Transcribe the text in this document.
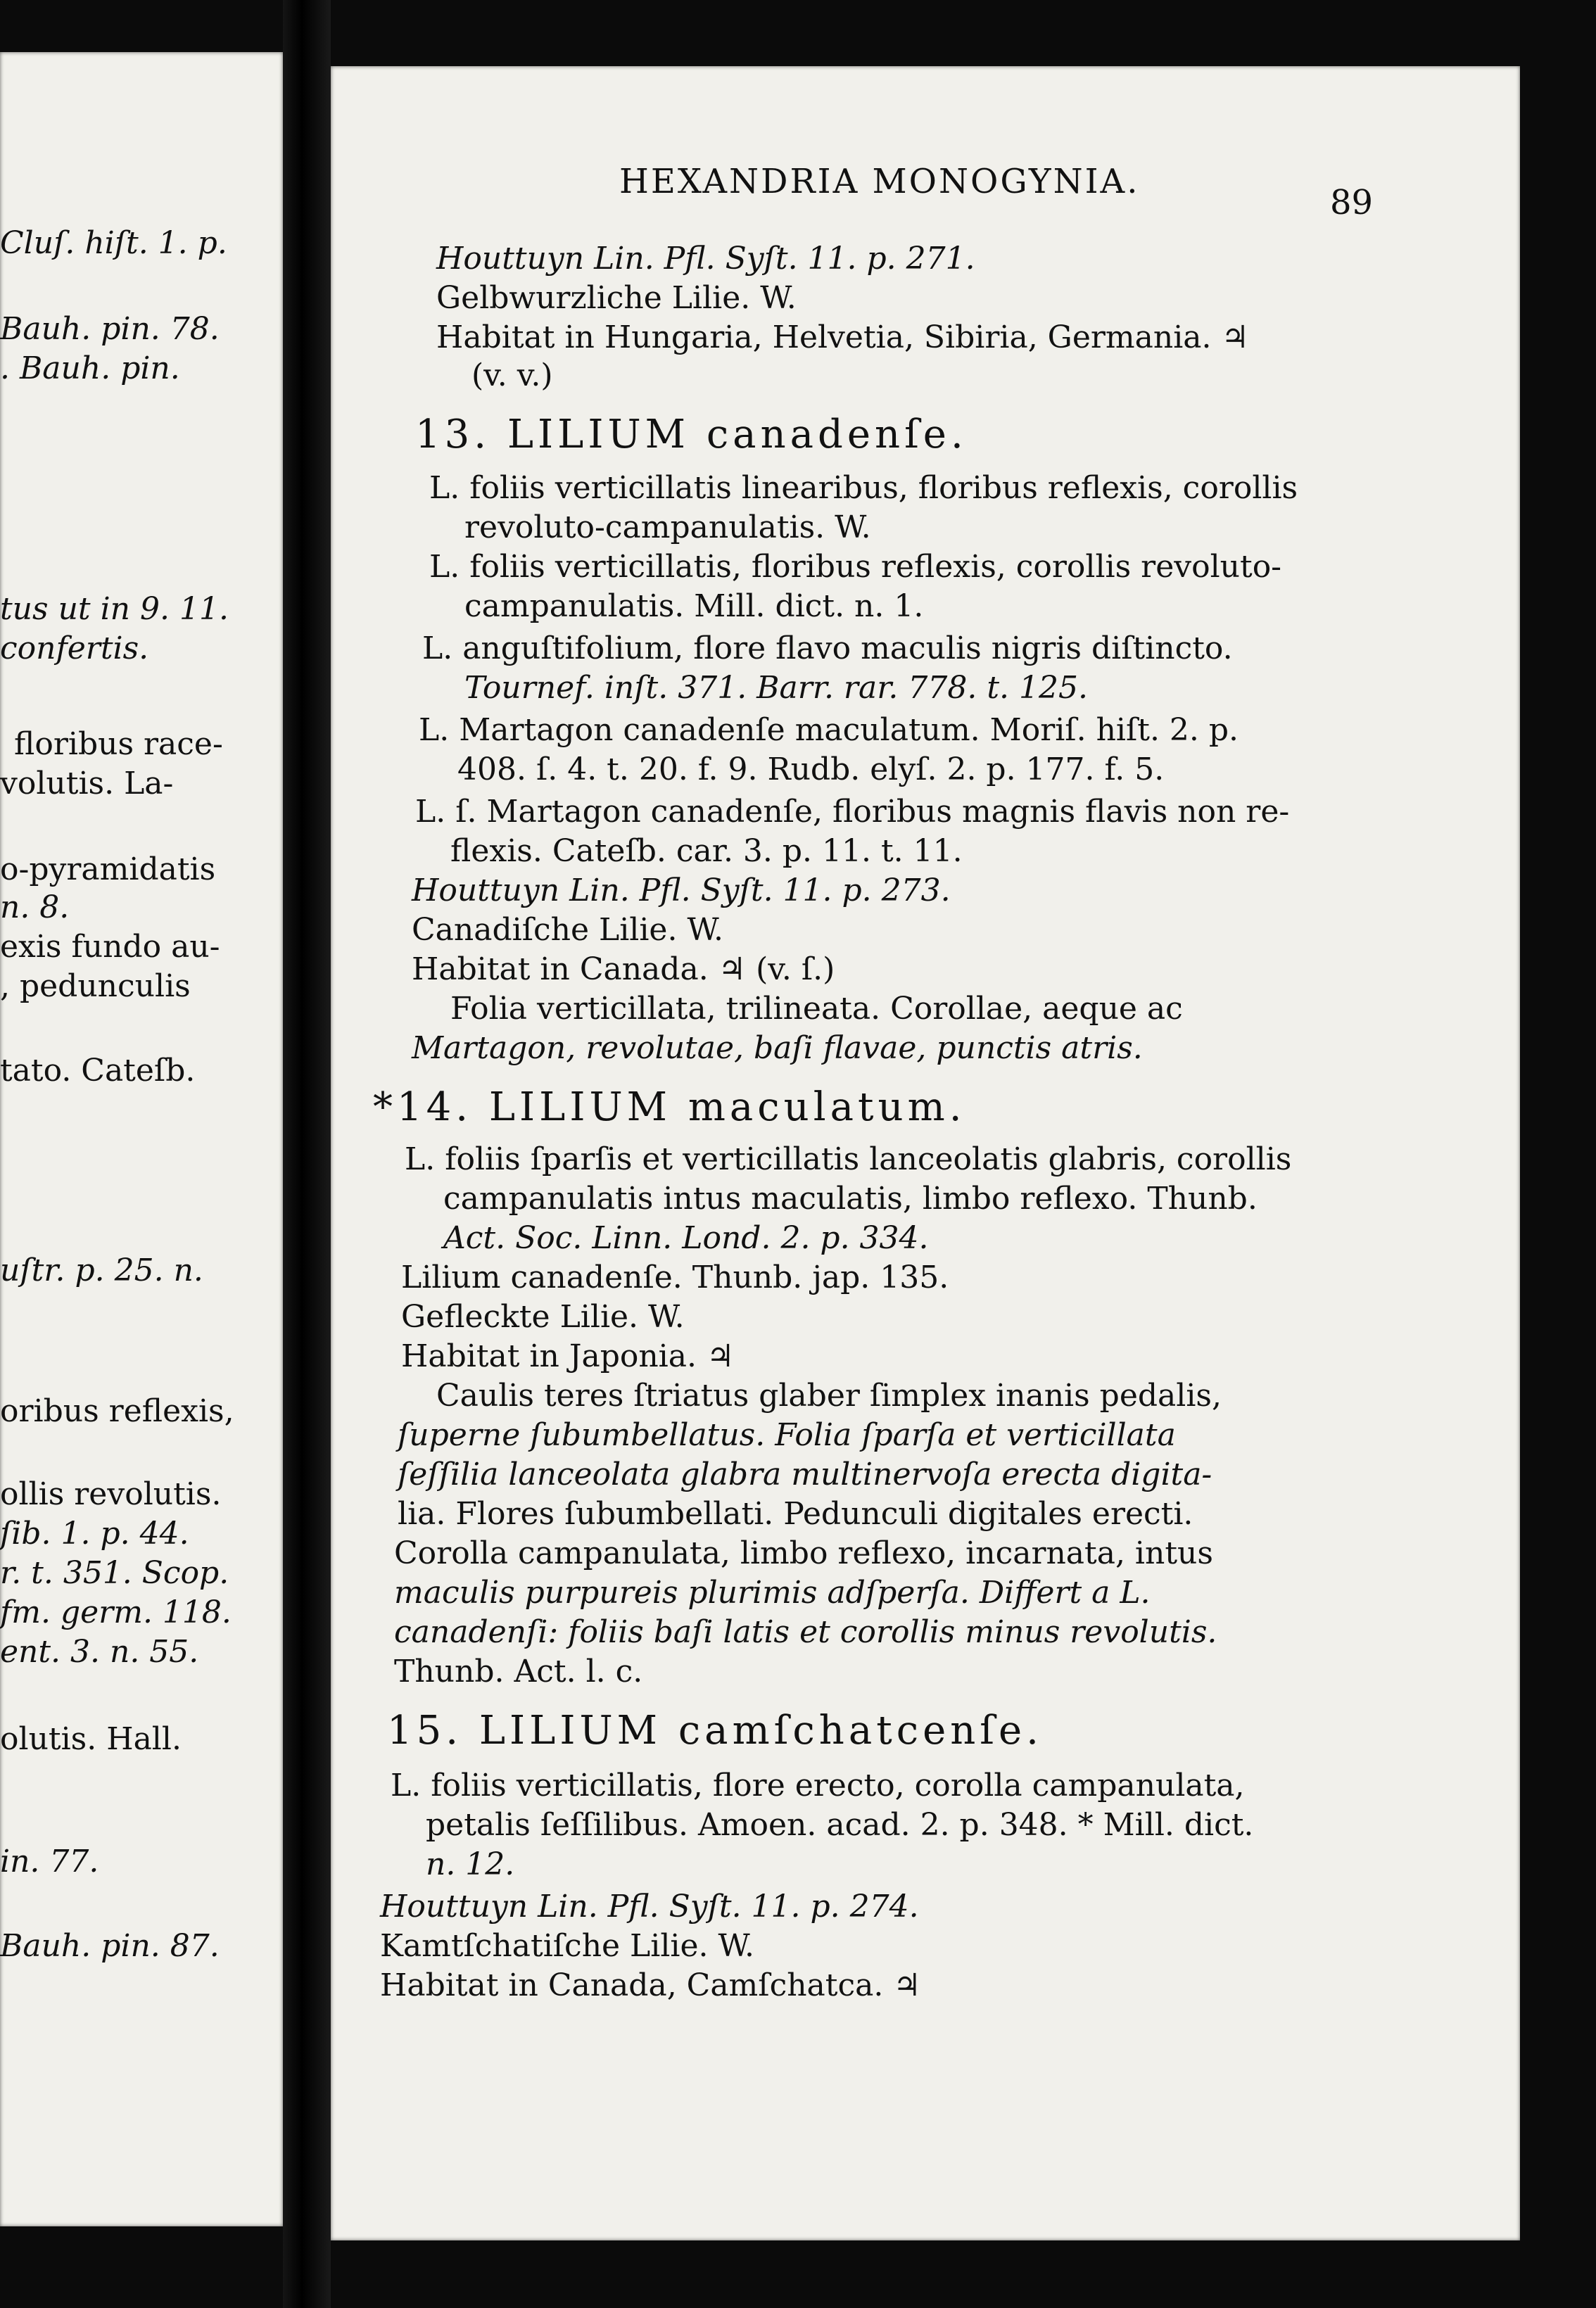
Cluſ. hiſt. 1. p.
Bauh. pin. 78.
. Bauh. pin.
tus ut in 9. 11.
confertis.
floribus race-
volutis. La-
o-pyramidatis
n. 8.
exis fundo au-
, pedunculis
tato. Cateſb.
uſtr. p. 25. n.
oribus reflexis,
ollis revolutis.
ſib. 1. p. 44.
r. t. 351. Scop.
fm. germ. 118.
ent. 3. n. 55.
olutis. Hall.
in. 77.
Bauh. pin. 87.
HEXANDRIA MONOGYNIA.
89
Houttuyn Lin. Pfl. Syſt. 11. p. 271.
Gelbwurzliche Lilie. W.
Habitat in Hungaria, Helvetia, Sibiria, Germania. ♃
(v. v.)
13. LILIUM canadenſe.
L. foliis verticillatis linearibus, floribus reflexis, corollis
revoluto-campanulatis. W.
L. foliis verticillatis, floribus reflexis, corollis revoluto-
campanulatis. Mill. dict. n. 1.
L. anguſtifolium, flore flavo maculis nigris diſtincto.
Tournef. inſt. 371. Barr. rar. 778. t. 125.
L. Martagon canadenſe maculatum. Moriſ. hiſt. 2. p.
408. ſ. 4. t. 20. f. 9. Rudb. elyſ. 2. p. 177. f. 5.
L. ſ. Martagon canadenſe, floribus magnis flavis non re-
flexis. Cateſb. car. 3. p. 11. t. 11.
Houttuyn Lin. Pfl. Syſt. 11. p. 273.
Canadiſche Lilie. W.
Habitat in Canada. ♃ (v. ſ.)
Folia verticillata, trilineata. Corollae, aeque ac
Martagon, revolutae, baſi flavae, punctis atris.
*14. LILIUM maculatum.
L. foliis ſparſis et verticillatis lanceolatis glabris, corollis
campanulatis intus maculatis, limbo reflexo. Thunb.
Act. Soc. Linn. Lond. 2. p. 334.
Lilium canadenſe. Thunb. jap. 135.
Gefleckte Lilie. W.
Habitat in Japonia. ♃
Caulis teres ſtriatus glaber ſimplex inanis pedalis,
ſuperne ſubumbellatus. Folia ſparſa et verticillata
ſeſſilia lanceolata glabra multinervoſa erecta digita-
lia. Flores ſubumbellati. Pedunculi digitales erecti.
Corolla campanulata, limbo reflexo, incarnata, intus
maculis purpureis plurimis adſperſa. Differt a L.
canadenſi: foliis baſi latis et corollis minus revolutis.
Thunb. Act. l. c.
15. LILIUM camſchatcenſe.
L. foliis verticillatis, flore erecto, corolla campanulata,
petalis ſeſſilibus. Amoen. acad. 2. p. 348. * Mill. dict.
n. 12.
Houttuyn Lin. Pfl. Syſt. 11. p. 274.
Kamtſchatiſche Lilie. W.
Habitat in Canada, Camſchatca. ♃
